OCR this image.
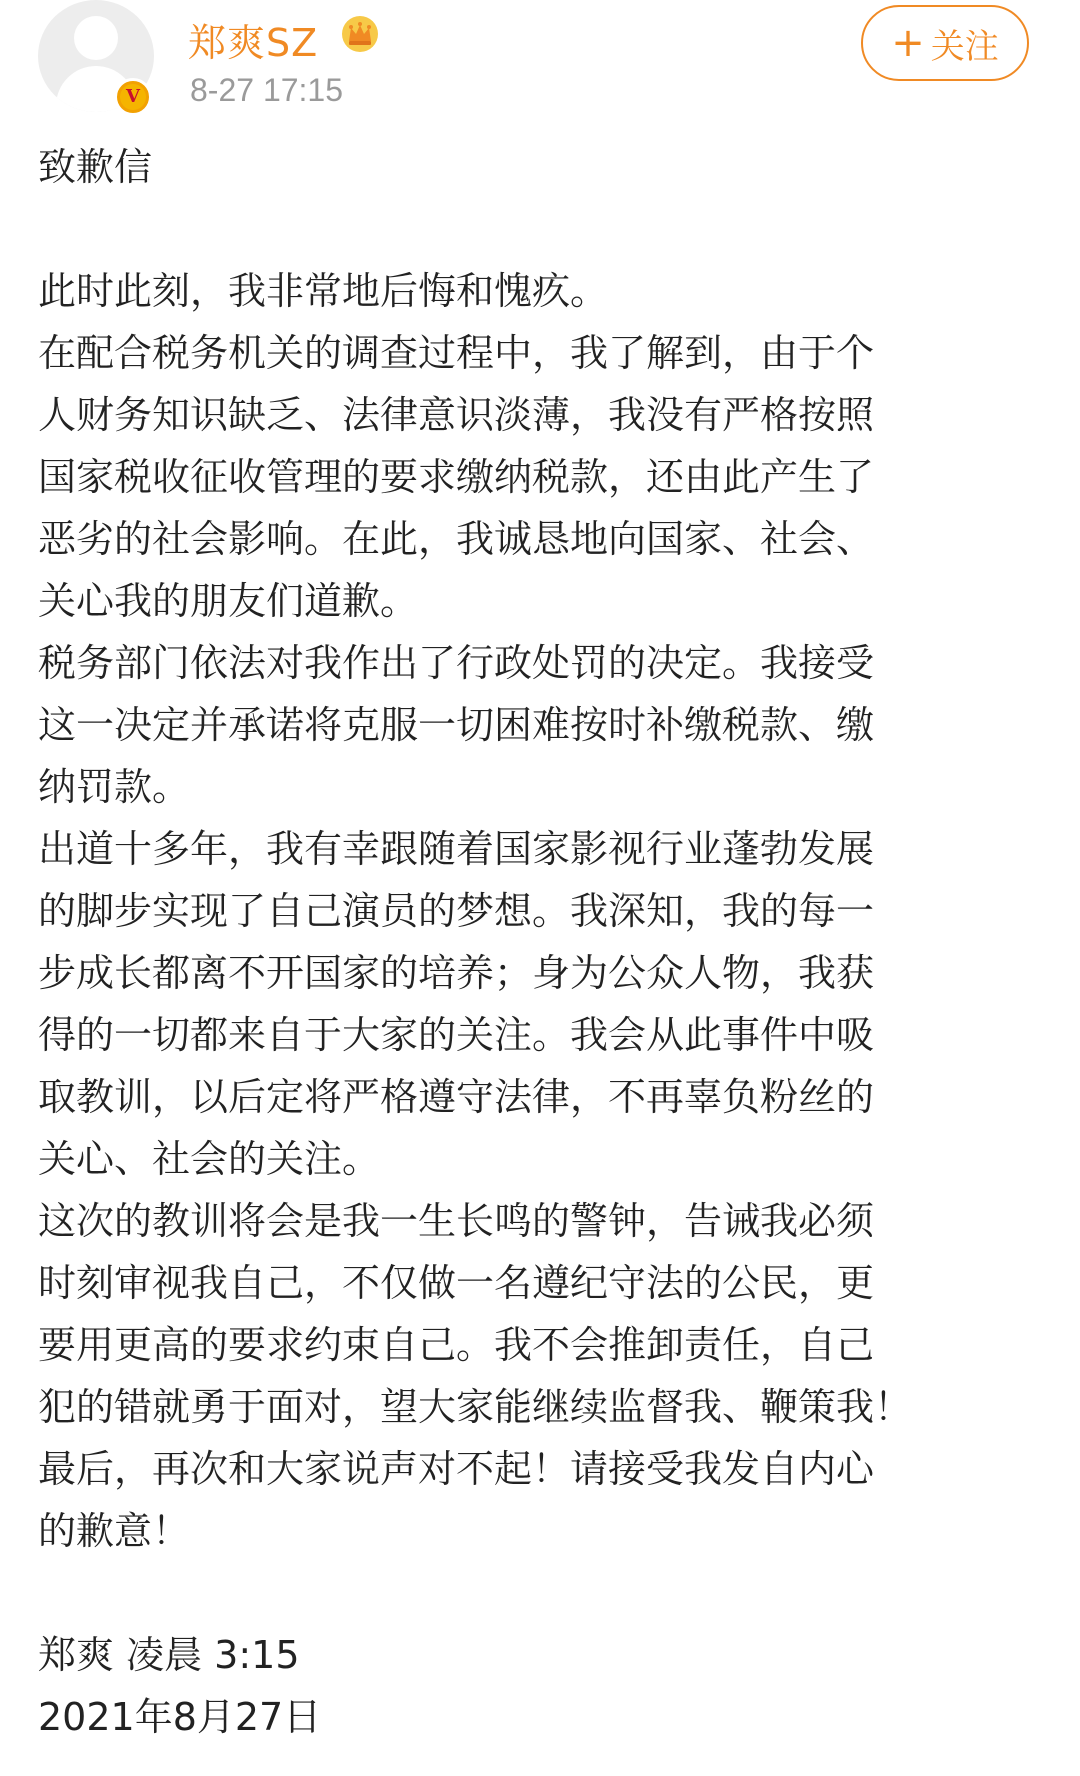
V
郑爽SZ
8-27 17:15
+ 关注
致歉信
此时此刻，我非常地后悔和愧疚。
在配合税务机关的调查过程中，我了解到，由于个
人财务知识缺乏、法律意识淡薄，我没有严格按照
国家税收征收管理的要求缴纳税款，还由此产生了
恶劣的社会影响。在此，我诚恳地向国家、社会、
关心我的朋友们道歉。
税务部门依法对我作出了行政处罚的决定。我接受
这一决定并承诺将克服一切困难按时补缴税款、缴
纳罚款。
出道十多年，我有幸跟随着国家影视行业蓬勃发展
的脚步实现了自己演员的梦想。我深知，我的每一
步成长都离不开国家的培养；身为公众人物，我获
得的一切都来自于大家的关注。我会从此事件中吸
取教训，以后定将严格遵守法律，不再辜负粉丝的
关心、社会的关注。
这次的教训将会是我一生长鸣的警钟，告诫我必须
时刻审视我自己，不仅做一名遵纪守法的公民，更
要用更高的要求约束自己。我不会推卸责任，自己
犯的错就勇于面对，望大家能继续监督我、鞭策我！
最后，再次和大家说声对不起！请接受我发自内心
的歉意！
郑爽 凌晨 3:15
2021年8月27日
